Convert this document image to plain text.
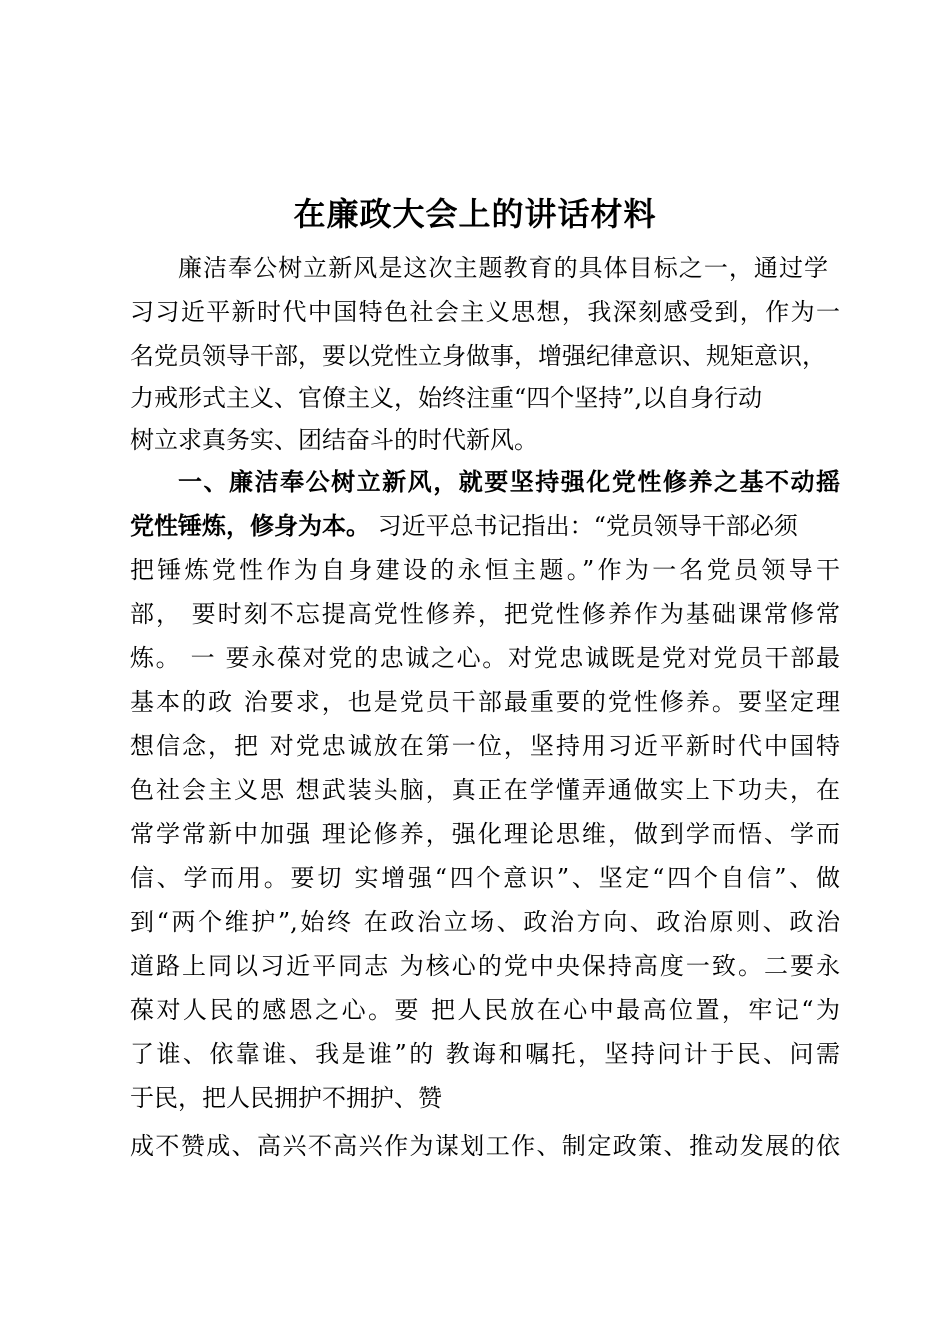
在廉政大会上的讲话材料
廉洁奉公树立新风是这次主题教育的具体目标之一，通过学
习习近平新时代中国特色社会主义思想，我深刻感受到，作为一
名党员领导干部，要以党性立身做事，增强纪律意识、规矩意识，
力戒形式主义、官僚主义，始终注重“四个坚持”,以自身行动
树立求真务实、团结奋斗的时代新风。
一、廉洁奉公树立新风，就要坚持强化党性修养之基不动摇
党性锤炼，修身为本。 习近平总书记指出：“党员领导干部必须
把锤炼党性作为自身建设的永恒主题。”作为一名党员领导干
部， 要时刻不忘提高党性修养，把党性修养作为基础课常修常
炼。 一 要永葆对党的忠诚之心。对党忠诚既是党对党员干部最
基本的政 治要求，也是党员干部最重要的党性修养。要坚定理
想信念，把 对党忠诚放在第一位，坚持用习近平新时代中国特
色社会主义思 想武装头脑，真正在学懂弄通做实上下功夫，在
常学常新中加强 理论修养，强化理论思维，做到学而悟、学而
信、学而用。要切 实增强“四个意识”、坚定“四个自信”、做
到“两个维护”,始终 在政治立场、政治方向、政治原则、政治
道路上同以习近平同志 为核心的党中央保持高度一致。二要永
葆对人民的感恩之心。要 把人民放在心中最高位置，牢记“为
了谁、依靠谁、我是谁”的 教诲和嘱托，坚持问计于民、问需
于民，把人民拥护不拥护、赞
成不赞成、高兴不高兴作为谋划工作、制定政策、推动发展的依
